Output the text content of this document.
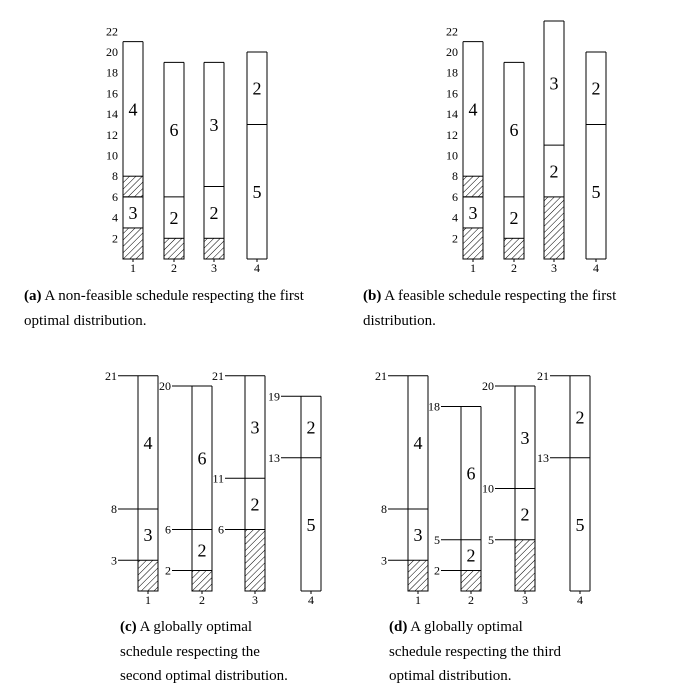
2
4
6
8
10
12
14
16
18
20
22
3
4
1
2
6
2
2
3
3
5
2
4
2
4
6
8
10
12
14
16
18
20
22
3
4
1
2
6
2
2
3
3
5
2
4
3
4
3
8
21
1
2
6
2
6
20
2
2
3
6
11
21
3
5
2
13
19
4
3
4
3
8
21
1
2
6
2
5
18
2
2
3
5
10
20
3
5
2
13
21
4
(a) A non-feasible schedule respecting the first
optimal distribution.
(b) A feasible schedule respecting the first
distribution.
(c) A globally optimal
schedule respecting the
second optimal distribution.
(d) A globally optimal
schedule respecting the third
optimal distribution.
